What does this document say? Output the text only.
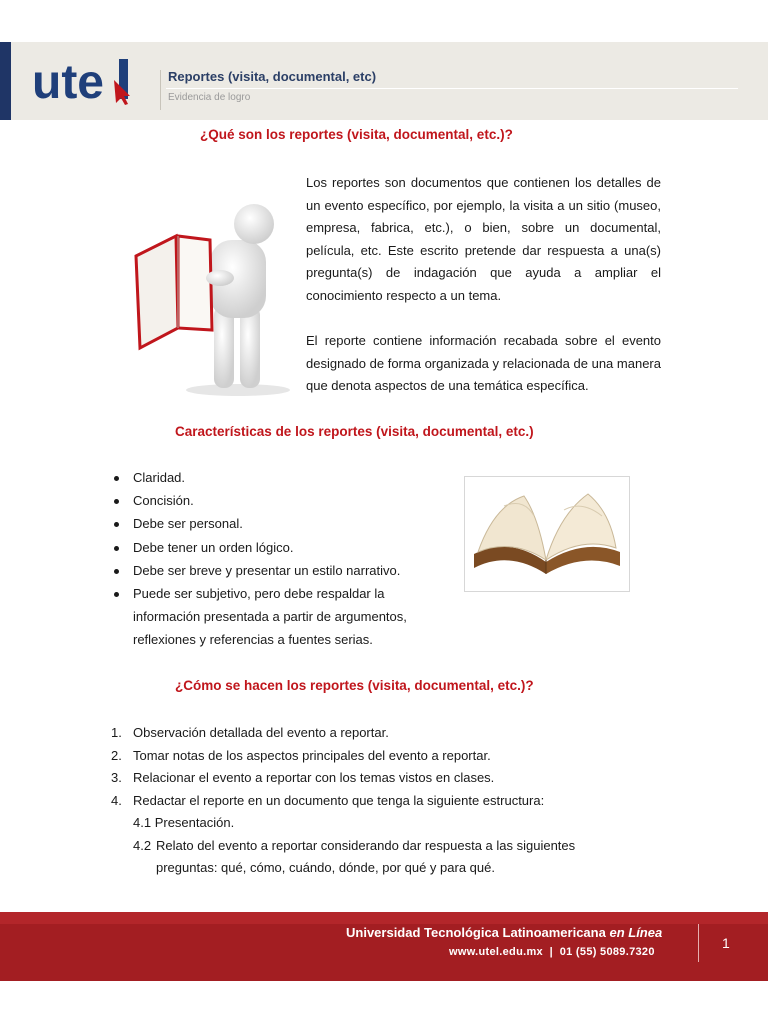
ute	Reportes (visita, documental, etc)
Evidencia de logro
¿Qué son los reportes (visita, documental, etc.)?

Los reportes son documentos que contienen los detalles de un evento específico, por ejemplo, la visita a un sitio (museo, empresa, fabrica, etc.), o bien, sobre un documental, película, etc. Este escrito pretende dar respuesta a una(s) pregunta(s) de indagación que ayuda a ampliar el conocimiento respecto a un tema.

El reporte contiene información recabada sobre el evento designado de forma organizada y relacionada de una manera que denota aspectos de una temática específica.

Características de los reportes (visita, documental, etc.)
Claridad.
Concisión.
Debe ser personal.
Debe tener un orden lógico.
Debe ser breve y presentar un estilo narrativo.
Puede ser subjetivo, pero debe respaldar la información presentada a partir de argumentos, reflexiones y referencias a fuentes serias.
¿Cómo se hacen los reportes (visita, documental, etc.)?
1. Observación detallada del evento a reportar.
2. Tomar notas de los aspectos principales del evento a reportar.
3. Relacionar el evento a reportar con los temas vistos en clases.
4. Redactar el reporte en un documento que tenga la siguiente estructura:
4.1 Presentación.
4.2 Relato del evento a reportar considerando dar respuesta a las siguientes preguntas: qué, cómo, cuándo, dónde, por qué y para qué.
Universidad Tecnológica Latinoamericana en Línea
www.utel.edu.mx  |  01 (55) 5089.7320
1
